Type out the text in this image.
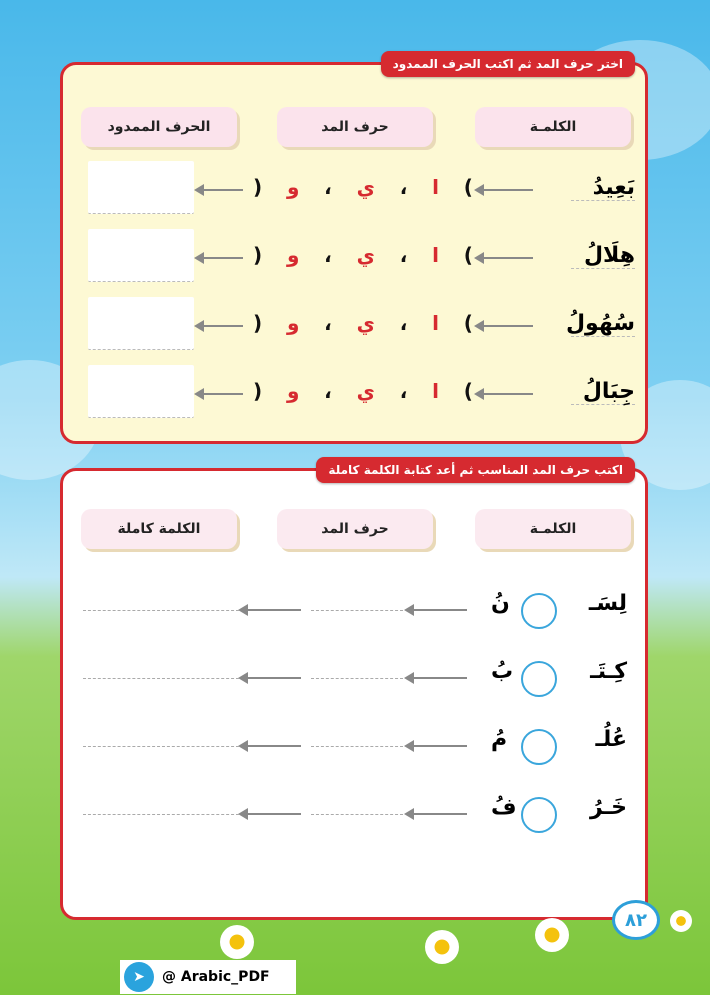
اختر حرف المد ثم اكتب الحرف الممدود
الكلمـة
حرف المد
الحرف الممدود
بَعِيدُ
) و ، ي ، ا (
هِلَالُ
) و ، ي ، ا (
سُهُولُ
) و ، ي ، ا (
جِبَالُ
) و ، ي ، ا (
اكتب حرف المد المناسب ثم أعد كتابة الكلمة كاملة
الكلمـة
حرف المد
الكلمة كاملة
لِسَـ
نُ
كِـتَـ
بُ
عُلُـ
مُ
خَـرُ
فُ
٨٢
➤	@ Arabic_PDF
